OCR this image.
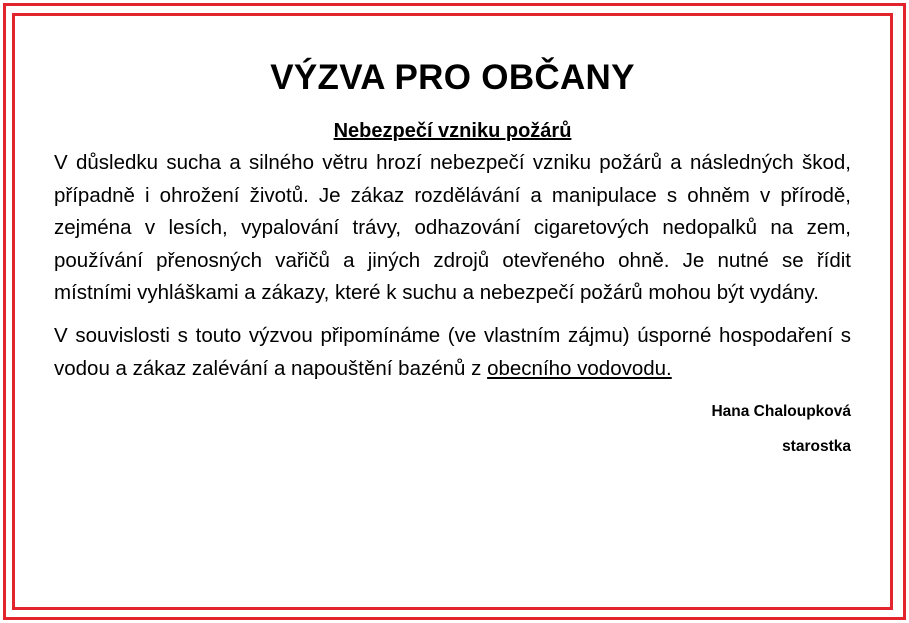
VÝZVA PRO OBČANY
Nebezpečí vzniku požárů

V důsledku sucha a silného větru hrozí nebezpečí vzniku požárů a následných škod, případně i ohrožení životů. Je zákaz rozdělávání a manipulace s ohněm v přírodě, zejména v lesích, vypalování trávy, odhazování cigaretových nedopalků na zem, používání přenosných vařičů a jiných zdrojů otevřeného ohně. Je nutné se řídit místními vyhláškami a zákazy, které k suchu a nebezpečí požárů mohou být vydány.

V souvislosti s touto výzvou připomínáme (ve vlastním zájmu) úsporné hospodaření s vodou a zákaz zalévání a napouštění bazénů z obecního vodovodu.

Hana Chaloupková
starostka
